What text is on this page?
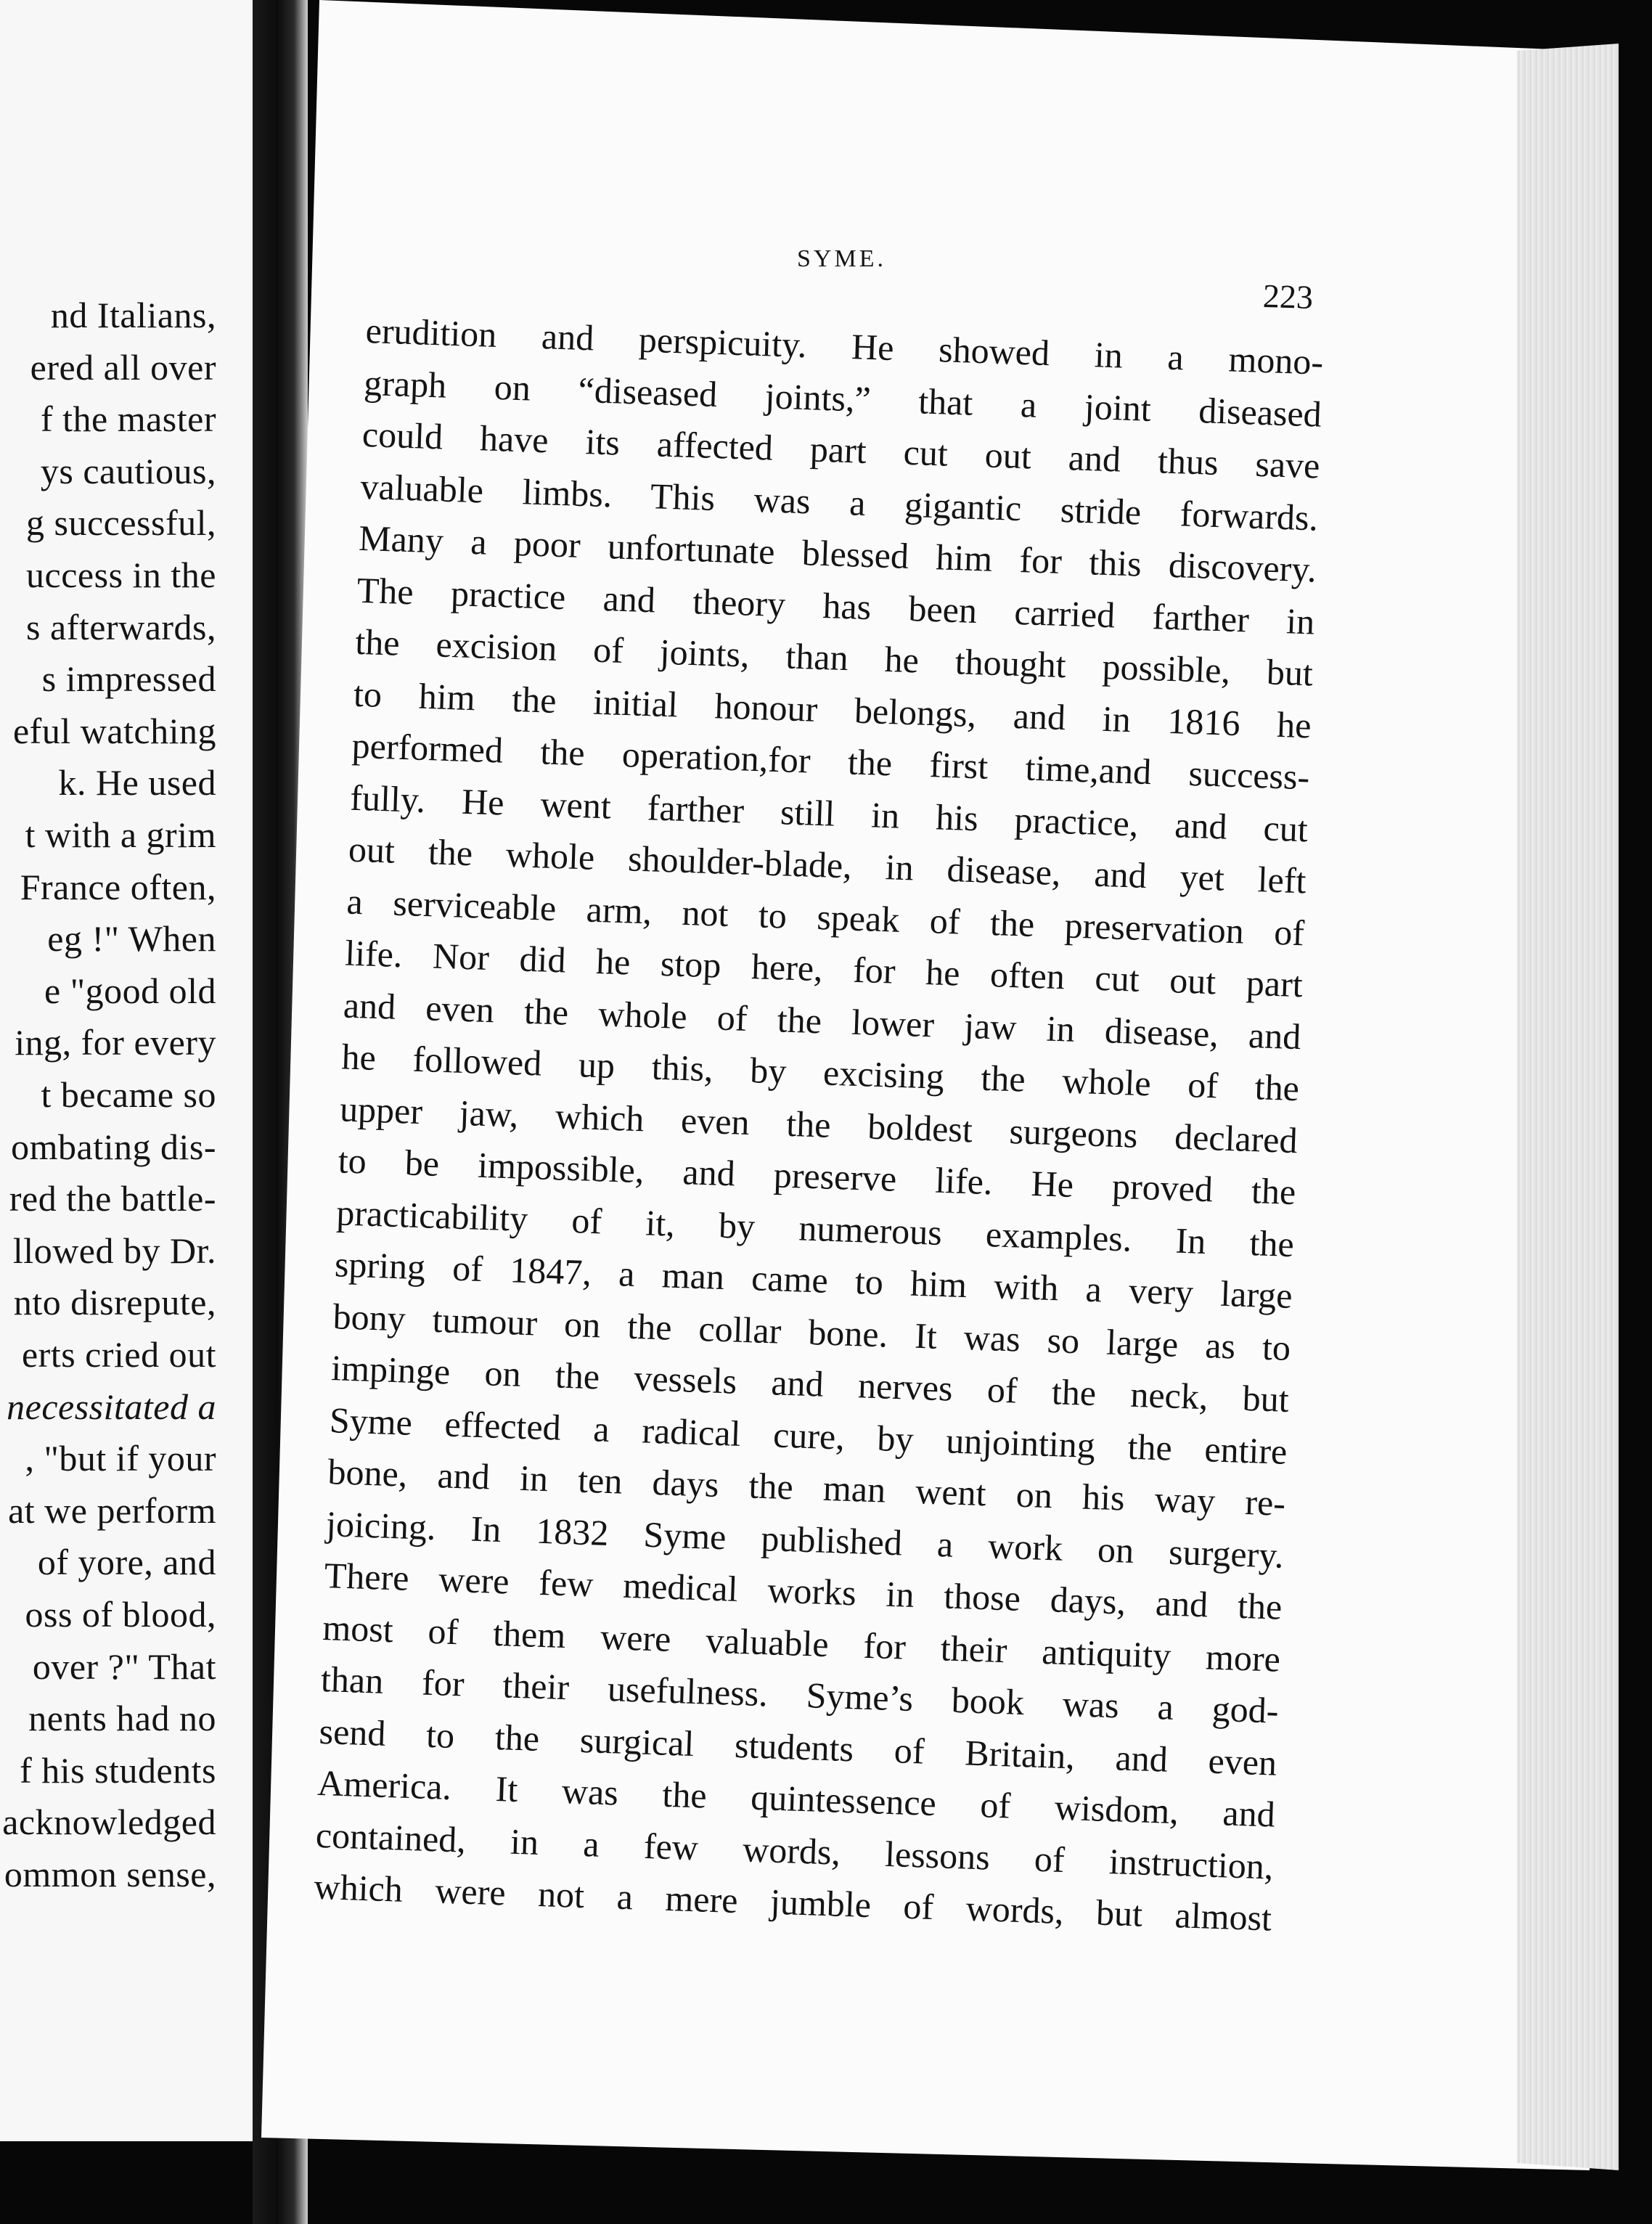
nd Italians,
ered all over
f the master
ys cautious,
g successful,
uccess in the
s afterwards,
s impressed
eful watching
k. He used
t with a grim
France often,
eg !" When
e "good old
ing, for every
t became so
ombating dis-
red the battle-
llowed by Dr.
nto disrepute,
erts cried out
necessitated a
, "but if your
at we perform
of yore, and
oss of blood,
over ?" That
nents had no
f his students
acknowledged
ommon sense,
SYME.
223
erudition and perspicuity. He showed in a mono-
graph on “diseased joints,” that a joint diseased
could have its affected part cut out and thus save
valuable limbs. This was a gigantic stride forwards.
Many a poor unfortunate blessed him for this discovery.
The practice and theory has been carried farther in
the excision of joints, than he thought possible, but
to him the initial honour belongs, and in 1816 he
performed the operation,for the first time,and success-
fully. He went farther still in his practice, and cut
out the whole shoulder-blade, in disease, and yet left
a serviceable arm, not to speak of the preservation of
life. Nor did he stop here, for he often cut out part
and even the whole of the lower jaw in disease, and
he followed up this, by excising the whole of the
upper jaw, which even the boldest surgeons declared
to be impossible, and preserve life. He proved the
practicability of it, by numerous examples. In the
spring of 1847, a man came to him with a very large
bony tumour on the collar bone. It was so large as to
impinge on the vessels and nerves of the neck, but
Syme effected a radical cure, by unjointing the entire
bone, and in ten days the man went on his way re-
joicing. In 1832 Syme published a work on surgery.
There were few medical works in those days, and the
most of them were valuable for their antiquity more
than for their usefulness. Syme’s book was a god-
send to the surgical students of Britain, and even
America. It was the quintessence of wisdom, and
contained, in a few words, lessons of instruction,
which were not a mere jumble of words, but almost
